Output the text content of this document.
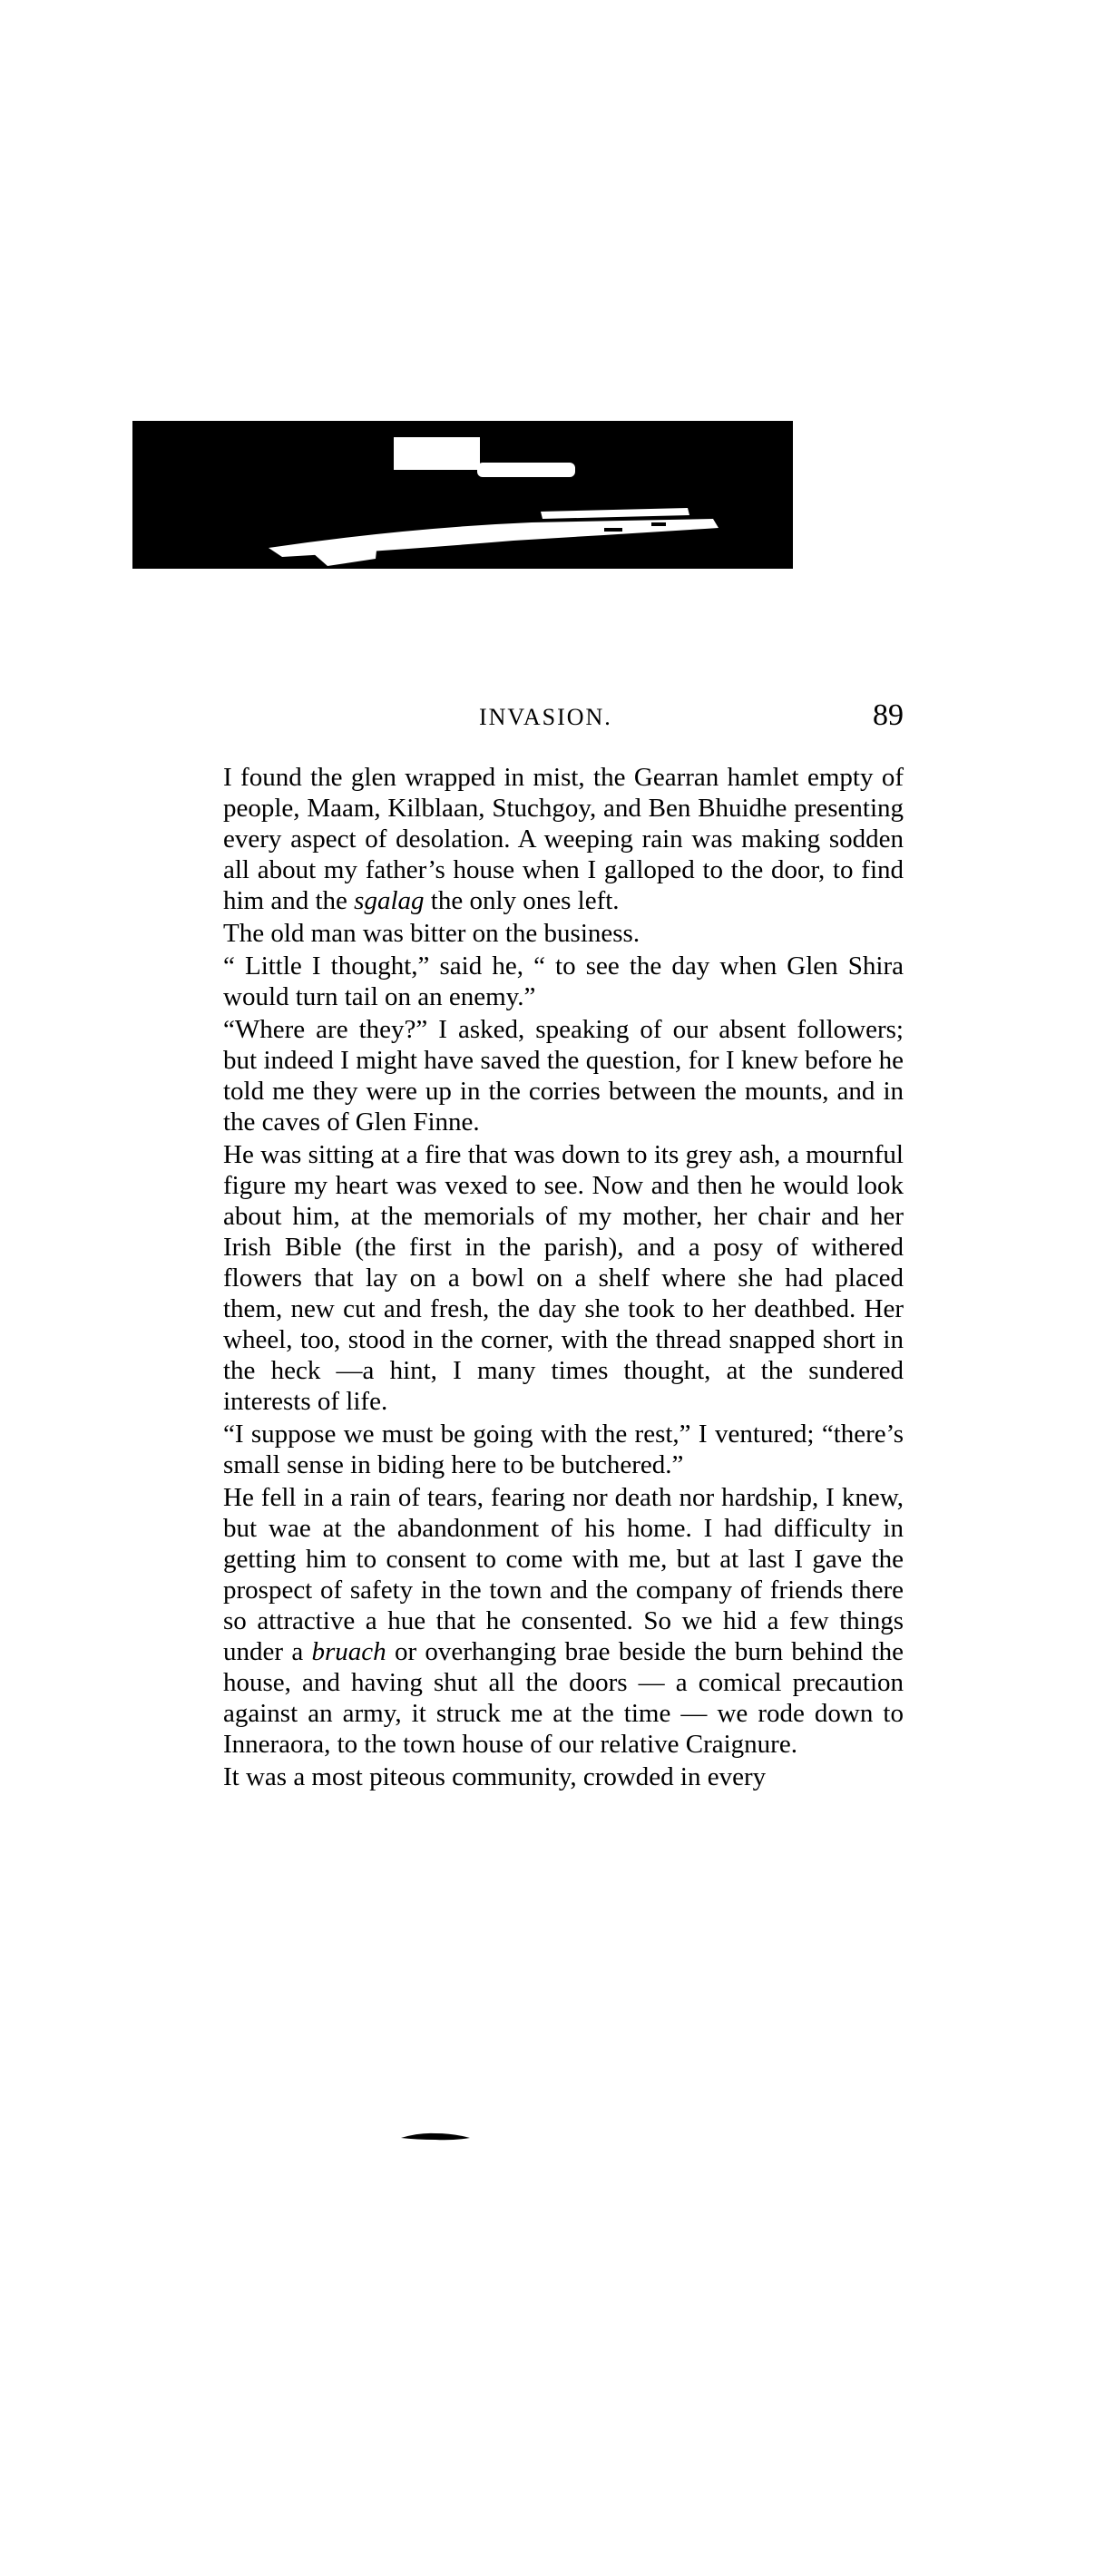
INVASION.	89

I found the glen wrapped in mist, the Gearran hamlet empty of people, Maam, Kilblaan, Stuchgoy, and Ben Bhuidhe presenting every aspect of desolation. A weeping rain was making sodden all about my father’s house when I galloped to the door, to find him and the sgalag the only ones left.

The old man was bitter on the business.

“ Little I thought,” said he, “ to see the day when Glen Shira would turn tail on an enemy.”

“Where are they?” I asked, speaking of our absent followers; but indeed I might have saved the question, for I knew before he told me they were up in the corries between the mounts, and in the caves of Glen Finne.

He was sitting at a fire that was down to its grey ash, a mournful figure my heart was vexed to see. Now and then he would look about him, at the memorials of my mother, her chair and her Irish Bible (the first in the parish), and a posy of withered flowers that lay on a bowl on a shelf where she had placed them, new cut and fresh, the day she took to her deathbed. Her wheel, too, stood in the corner, with the thread snapped short in the heck —a hint, I many times thought, at the sundered interests of life.

“I suppose we must be going with the rest,” I ventured; “there’s small sense in biding here to be butchered.”

He fell in a rain of tears, fearing nor death nor hardship, I knew, but wae at the abandonment of his home. I had difficulty in getting him to consent to come with me, but at last I gave the prospect of safety in the town and the company of friends there so attractive a hue that he consented. So we hid a few things under a bruach or overhanging brae beside the burn behind the house, and having shut all the doors — a comical precaution against an army, it struck me at the time — we rode down to Inneraora, to the town house of our relative Craignure.

It was a most piteous community, crowded in every
